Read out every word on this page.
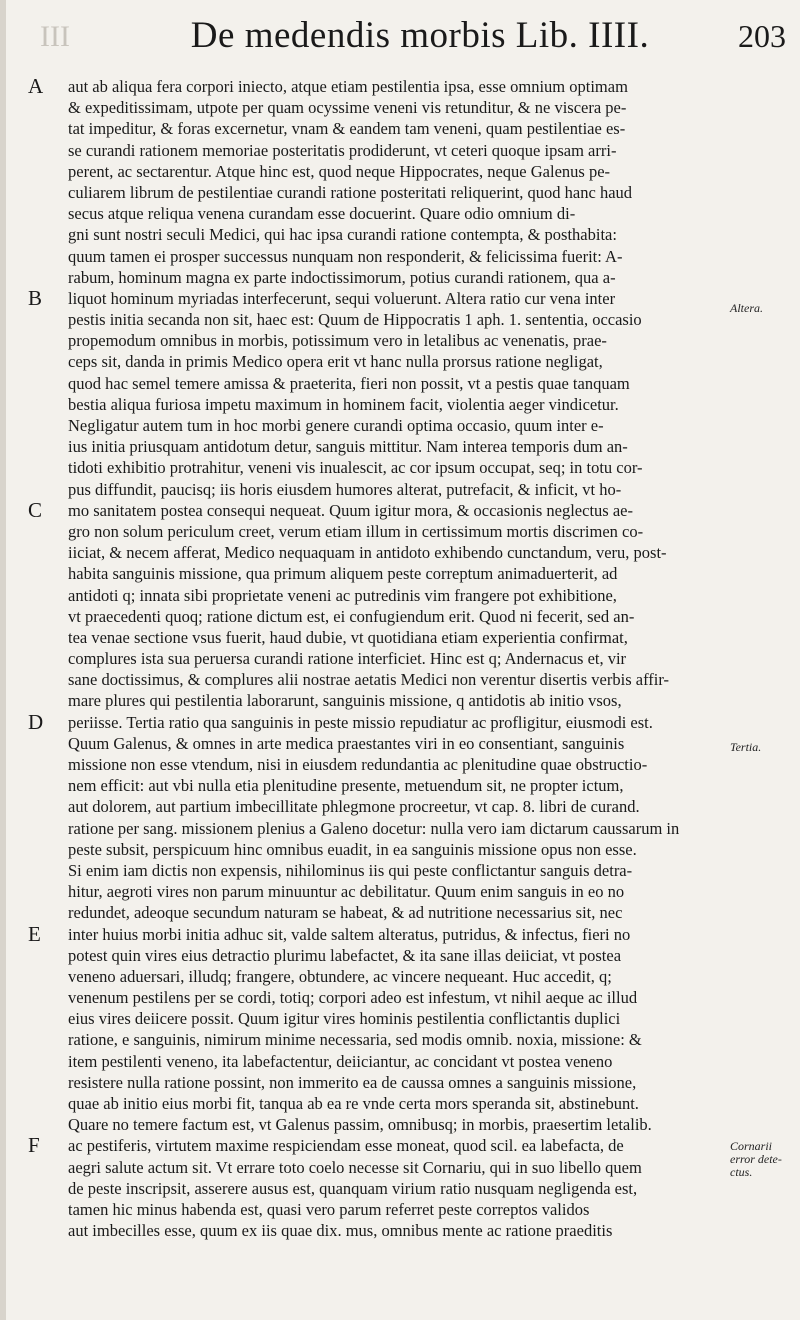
III	De medendis morbis Lib. IIII.	203
A aut ab aliqua fera corpori iniecto, atque etiam pestilentia ipsa, esse omnium optimam
& expeditissimam, utpote per quam ocyssime veneni vis retunditur, & ne viscera pe-
tat impeditur, & foras excernetur, vnam & eandem tam veneni, quam pestilentiae es-
se curandi rationem memoriae posteritatis prodiderunt, vt ceteri quoque ipsam arri-
perent, ac sectarentur. Atque hinc est, quod neque Hippocrates, neque Galenus pe-
culiarem librum de pestilentiae curandi ratione posteritati reliquerint, quod hanc haud
secus atque reliqua venena curandam esse docuerint. Quare odio omnium di-
gni sunt nostri seculi Medici, qui hac ipsa curandi ratione contempta, & posthabita:
quum tamen ei prosper successus nunquam non responderit, & felicissima fuerit: A-
rabum, hominum magna ex parte indoctissimorum, potius curandi rationem, qua a-
B liquot hominum myriadas interfecerunt, sequi voluerunt. Altera ratio cur vena inter
pestis initia secanda non sit, haec est: Quum de Hippocratis 1 aph. 1. sententia, occasio
propemodum omnibus in morbis, potissimum vero in letalibus ac venenatis, prae-
ceps sit, danda in primis Medico opera erit vt hanc nulla prorsus ratione negligat,
quod hac semel temere amissa & praeterita, fieri non possit, vt a pestis quae tanquam
bestia aliqua furiosa impetu maximum in hominem facit, violentia aeger vindicetur.
Negligatur autem tum in hoc morbi genere curandi optima occasio, quum inter e-
ius initia priusquam antidotum detur, sanguis mittitur. Nam interea temporis dum an-
tidoti exhibitio protrahitur, veneni vis inualescit, ac cor ipsum occupat, seq; in totu cor-
pus diffundit, paucisq; iis horis eiusdem humores alterat, putrefacit, & inficit, vt ho-
C mo sanitatem postea consequi nequeat. Quum igitur mora, & occasionis neglectus ae-
gro non solum periculum creet, verum etiam illum in certissimum mortis discrimen co-
iiciat, & necem afferat, Medico nequaquam in antidoto exhibendo cunctandum, veru, post-
habita sanguinis missione, qua primum aliquem peste correptum animaduerterit, ad
antidoti q; innata sibi proprietate veneni ac putredinis vim frangere pot exhibitione,
vt praecedenti quoq; ratione dictum est, ei confugiendum erit. Quod ni fecerit, sed an-
tea venae sectione vsus fuerit, haud dubie, vt quotidiana etiam experientia confirmat,
complures ista sua peruersa curandi ratione interficiet. Hinc est q; Andernacus et, vir
sane doctissimus, & complures alii nostrae aetatis Medici non verentur disertis verbis affir-
mare plures qui pestilentia laborarunt, sanguinis missione, q antidotis ab initio vsos,
D periisse. Tertia ratio qua sanguinis in peste missio repudiatur ac profligitur, eiusmodi est.
Quum Galenus, & omnes in arte medica praestantes viri in eo consentiant, sanguinis
missione non esse vtendum, nisi in eiusdem redundantia ac plenitudine quae obstructio-
nem efficit: aut vbi nulla etia plenitudine presente, metuendum sit, ne propter ictum,
aut dolorem, aut partium imbecillitate phlegmone procreetur, vt cap. 8. libri de curand.
ratione per sang. missionem plenius a Galeno docetur: nulla vero iam dictarum caussarum in
peste subsit, perspicuum hinc omnibus euadit, in ea sanguinis missione opus non esse.
Si enim iam dictis non expensis, nihilominus iis qui peste conflictantur sanguis detra-
hitur, aegroti vires non parum minuuntur ac debilitatur. Quum enim sanguis in eo no
redundet, adeoque secundum naturam se habeat, & ad nutritione necessarius sit, nec
E inter huius morbi initia adhuc sit, valde saltem alteratus, putridus, & infectus, fieri no
potest quin vires eius detractio plurimu labefactet, & ita sane illas deiiciat, vt postea
veneno aduersari, illudq; frangere, obtundere, ac vincere nequeant. Huc accedit, q;
venenum pestilens per se cordi, totiq; corpori adeo est infestum, vt nihil aeque ac illud
eius vires deiicere possit. Quum igitur vires hominis pestilentia conflictantis duplici
ratione, e sanguinis, nimirum minime necessaria, sed modis omnib. noxia, missione: &
item pestilenti veneno, ita labefactentur, deiiciantur, ac concidant vt postea veneno
resistere nulla ratione possint, non immerito ea de caussa omnes a sanguinis missione,
quae ab initio eius morbi fit, tanqua ab ea re vnde certa mors speranda sit, abstinebunt.
Quare no temere factum est, vt Galenus passim, omnibusq; in morbis, praesertim letalib.
F ac pestiferis, virtutem maxime respiciendam esse moneat, quod scil. ea labefacta, de
aegri salute actum sit. Vt errare toto coelo necesse sit Cornariu, qui in suo libello quem
de peste inscripsit, asserere ausus est, quanquam virium ratio nusquam negligenda est,
tamen hic minus habenda est, quasi vero parum referret peste correptos validos
aut imbecilles esse, quum ex iis quae dix. mus, omnibus mente ac ratione praeditis
Altera.
Tertia.
Cornarii error dete-ctus.
